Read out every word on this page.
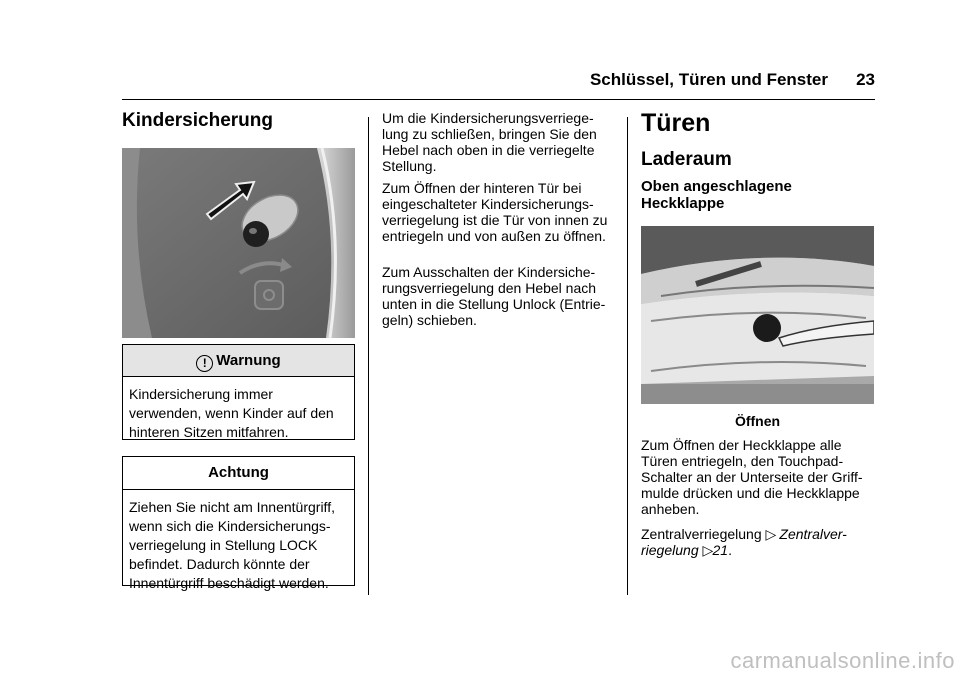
Schlüssel, Türen und Fenster	23
Kindersicherung
! Warnung
Kindersicherung immer verwenden, wenn Kinder auf den hinteren Sitzen mitfahren.
Achtung
Ziehen Sie nicht am Innentürgriff, wenn sich die Kindersicherungs-verriegelung in Stellung LOCK befindet. Dadurch könnte der Innentürgriff beschädigt werden.

Um die Kindersicherungsverriege-lung zu schließen, bringen Sie den Hebel nach oben in die verriegelte Stellung.

Zum Öffnen der hinteren Tür bei eingeschalteter Kindersicherungs-verriegelung ist die Tür von innen zu entriegeln und von außen zu öffnen.

Zum Ausschalten der Kindersiche-rungsverriegelung den Hebel nach unten in die Stellung Unlock (Entrie-geln) schieben.

Türen
Laderaum
Oben angeschlagene Heckklappe
Öffnen

Zum Öffnen der Heckklappe alle Türen entriegeln, den Touchpad-Schalter an der Unterseite der Griff-mulde drücken und die Heckklappe anheben.

Zentralverriegelung ▷ Zentralver-riegelung ▷21.

carmanualsonline.info
